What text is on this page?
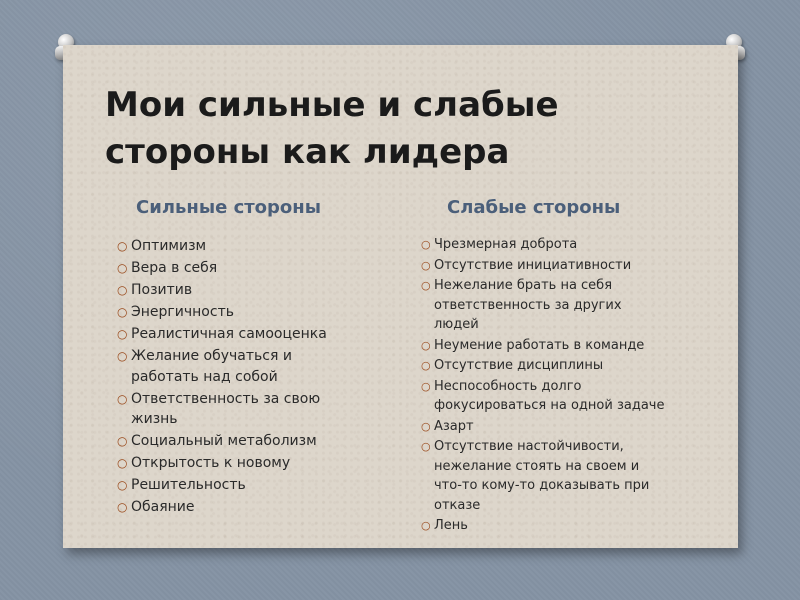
Мои сильные и слабые
стороны как лидера
Сильные стороны	Слабые стороны
○ Оптимизм
○ Вера в себя
○ Позитив
○ Энергичность
○ Реалистичная самооценка
○ Желание обучаться и
работать над собой
○ Ответственность за свою
жизнь
○ Социальный метаболизм
○ Открытость к новому
○ Решительность
○ Обаяние
○ Чрезмерная доброта
○ Отсутствие инициативности
○ Нежелание брать на себя
ответственность за других
людей
○ Неумение работать в команде
○ Отсутствие дисциплины
○ Неспособность долго
фокусироваться на одной задаче
○ Азарт
○ Отсутствие настойчивости,
нежелание стоять на своем и
что-то кому-то доказывать при
отказе
○ Лень
